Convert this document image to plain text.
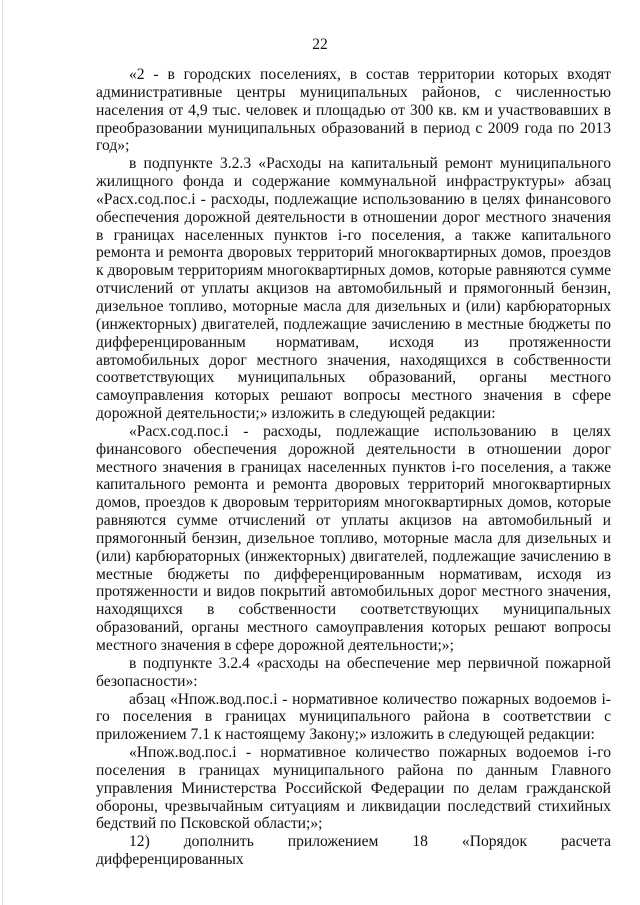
22

«2 - в городских поселениях, в состав территории которых входят административные центры муниципальных районов, с численностью населения от 4,9 тыс. человек и площадью от 300 кв. км и участвовавших в преобразовании муниципальных образований в период с 2009 года по 2013 год»;

в подпункте 3.2.3 «Расходы на капитальный ремонт муниципального жилищного фонда и содержание коммунальной инфраструктуры» абзац «Расх.сод.пос.i - расходы, подлежащие использованию в целях финансового обеспечения дорожной деятельности в отношении дорог местного значения в границах населенных пунктов i-го поселения, а также капитального ремонта и ремонта дворовых территорий многоквартирных домов, проездов к дворовым территориям многоквартирных домов, которые равняются сумме отчислений от уплаты акцизов на автомобильный и прямогонный бензин, дизельное топливо, моторные масла для дизельных и (или) карбюраторных (инжекторных) двигателей, подлежащие зачислению в местные бюджеты по дифференцированным нормативам, исходя из протяженности автомобильных дорог местного значения, находящихся в собственности соответствующих муниципальных образований, органы местного самоуправления которых решают вопросы местного значения в сфере дорожной деятельности;» изложить в следующей редакции:

«Расх.сод.пос.i - расходы, подлежащие использованию в целях финансового обеспечения дорожной деятельности в отношении дорог местного значения в границах населенных пунктов i-го поселения, а также капитального ремонта и ремонта дворовых территорий многоквартирных домов, проездов к дворовым территориям многоквартирных домов, которые равняются сумме отчислений от уплаты акцизов на автомобильный и прямогонный бензин, дизельное топливо, моторные масла для дизельных и (или) карбюраторных (инжекторных) двигателей, подлежащие зачислению в местные бюджеты по дифференцированным нормативам, исходя из протяженности и видов покрытий автомобильных дорог местного значения, находящихся в собственности соответствующих муниципальных образований, органы местного самоуправления которых решают вопросы местного значения в сфере дорожной деятельности;»;

в подпункте 3.2.4 «расходы на обеспечение мер первичной пожарной безопасности»:

абзац «Нпож.вод.пос.i - нормативное количество пожарных водоемов i-го поселения в границах муниципального района в соответствии с приложением 7.1 к настоящему Закону;» изложить в следующей редакции:

«Нпож.вод.пос.i - нормативное количество пожарных водоемов i-го поселения в границах муниципального района по данным Главного управления Министерства Российской Федерации по делам гражданской обороны, чрезвычайным ситуациям и ликвидации последствий стихийных бедствий по Псковской области;»;

12) дополнить приложением 18 «Порядок расчета дифференцированных
